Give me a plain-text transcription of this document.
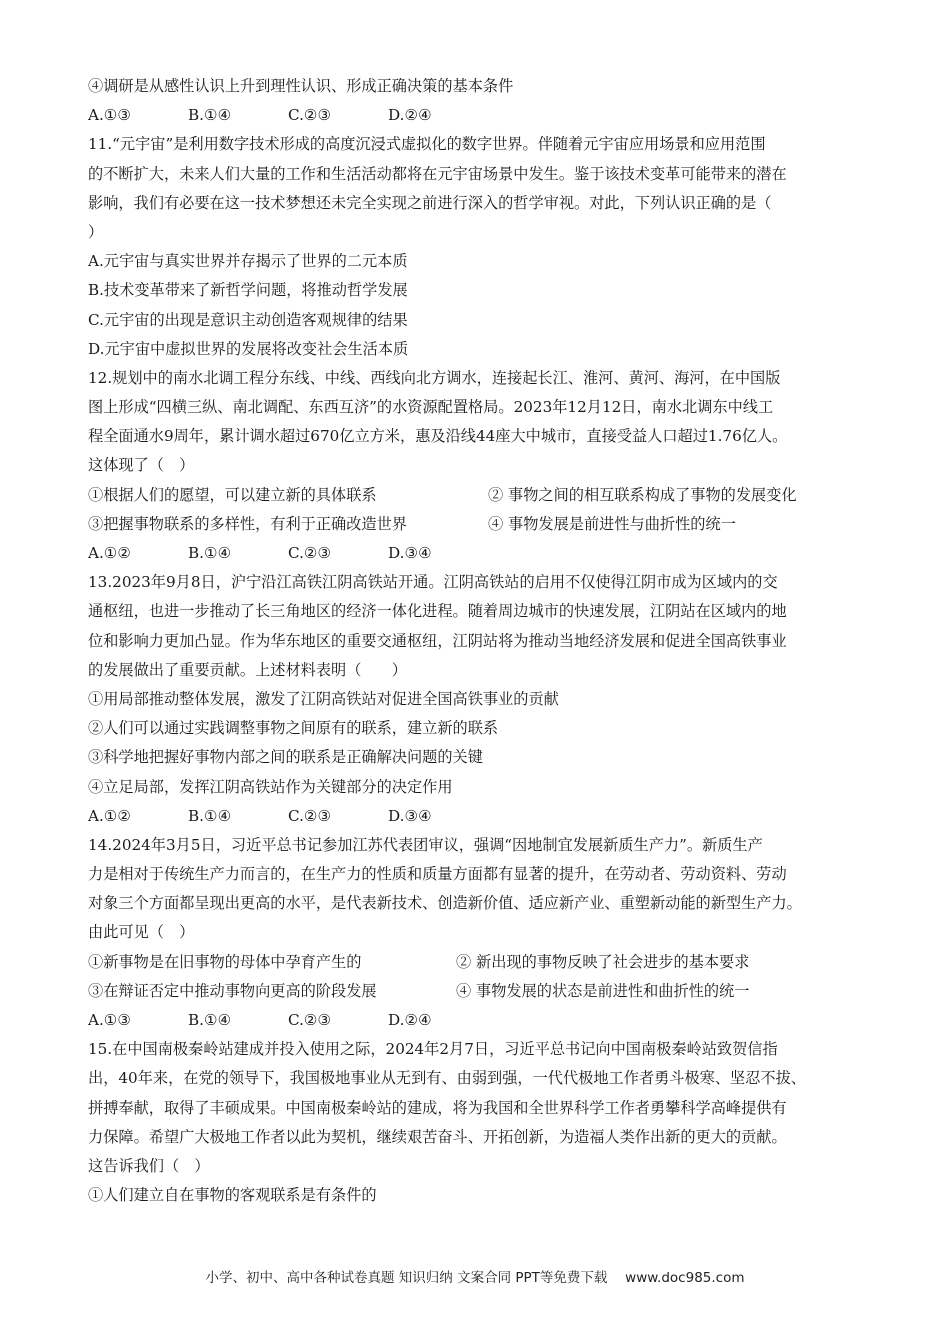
④调研是从感性认识上升到理性认识、形成正确决策的基本条件
A.①③	B.①④	C.②③	D.②④
11.“元宇宙”是利用数字技术形成的高度沉浸式虚拟化的数字世界。伴随着元宇宙应用场景和应用范围
的不断扩大，未来人们大量的工作和生活活动都将在元宇宙场景中发生。鉴于该技术变革可能带来的潜在
影响，我们有必要在这一技术梦想还未完全实现之前进行深入的哲学审视。对此，下列认识正确的是（
）
A.元宇宙与真实世界并存揭示了世界的二元本质
B.技术变革带来了新哲学问题，将推动哲学发展
C.元宇宙的出现是意识主动创造客观规律的结果
D.元宇宙中虚拟世界的发展将改变社会生活本质
12.规划中的南水北调工程分东线、中线、西线向北方调水，连接起长江、淮河、黄河、海河，在中国版
图上形成“四横三纵、南北调配、东西互济”的水资源配置格局。2023年12月12日，南水北调东中线工
程全面通水9周年，累计调水超过670亿立方米，惠及沿线44座大中城市，直接受益人口超过1.76亿人。
这体现了（　）
①根据人们的愿望，可以建立新的具体联系	② 事物之间的相互联系构成了事物的发展变化
③把握事物联系的多样性，有利于正确改造世界	④ 事物发展是前进性与曲折性的统一
A.①②	B.①④	C.②③	D.③④
13.2023年9月8日，沪宁沿江高铁江阴高铁站开通。江阴高铁站的启用不仅使得江阴市成为区域内的交
通枢纽，也进一步推动了长三角地区的经济一体化进程。随着周边城市的快速发展，江阴站在区域内的地
位和影响力更加凸显。作为华东地区的重要交通枢纽，江阴站将为推动当地经济发展和促进全国高铁事业
的发展做出了重要贡献。上述材料表明（　　）
①用局部推动整体发展，激发了江阴高铁站对促进全国高铁事业的贡献
②人们可以通过实践调整事物之间原有的联系，建立新的联系
③科学地把握好事物内部之间的联系是正确解决问题的关键
④立足局部，发挥江阴高铁站作为关键部分的决定作用
A.①②	B.①④	C.②③	D.③④
14.2024年3月5日，习近平总书记参加江苏代表团审议，强调“因地制宜发展新质生产力”。新质生产
力是相对于传统生产力而言的，在生产力的性质和质量方面都有显著的提升，在劳动者、劳动资料、劳动
对象三个方面都呈现出更高的水平，是代表新技术、创造新价值、适应新产业、重塑新动能的新型生产力。
由此可见（　）
①新事物是在旧事物的母体中孕育产生的	② 新出现的事物反映了社会进步的基本要求
③在辩证否定中推动事物向更高的阶段发展	④ 事物发展的状态是前进性和曲折性的统一
A.①③	B.①④	C.②③	D.②④
15.在中国南极秦岭站建成并投入使用之际，2024年2月7日，习近平总书记向中国南极秦岭站致贺信指
出，40年来，在党的领导下，我国极地事业从无到有、由弱到强，一代代极地工作者勇斗极寒、坚忍不拔、
拼搏奉献，取得了丰硕成果。中国南极秦岭站的建成，将为我国和全世界科学工作者勇攀科学高峰提供有
力保障。希望广大极地工作者以此为契机，继续艰苦奋斗、开拓创新，为造福人类作出新的更大的贡献。
这告诉我们（　）
①人们建立自在事物的客观联系是有条件的
小学、初中、高中各种试卷真题 知识归纳 文案合同 PPT等免费下载　 www.doc985.com
